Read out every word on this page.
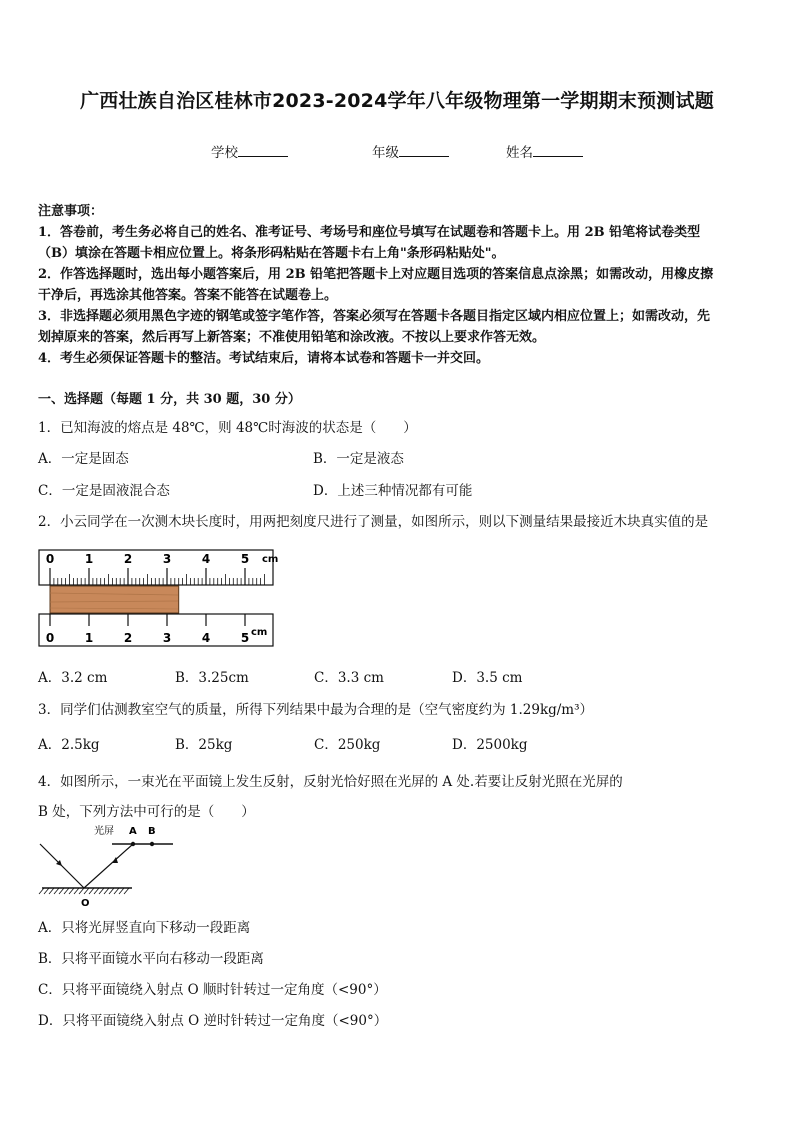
广西壮族自治区桂林市2023-2024学年八年级物理第一学期期末预测试题
学校	年级	姓名
注意事项：
1．答卷前，考生务必将自己的姓名、准考证号、考场号和座位号填写在试题卷和答题卡上。用 2B 铅笔将试卷类型
（B）填涂在答题卡相应位置上。将条形码粘贴在答题卡右上角"条形码粘贴处"。
2．作答选择题时，选出每小题答案后，用 2B 铅笔把答题卡上对应题目选项的答案信息点涂黑；如需改动，用橡皮擦
干净后，再选涂其他答案。答案不能答在试题卷上。
3．非选择题必须用黑色字迹的钢笔或签字笔作答，答案必须写在答题卡各题目指定区域内相应位置上；如需改动，先
划掉原来的答案，然后再写上新答案；不准使用铅笔和涂改液。不按以上要求作答无效。
4．考生必须保证答题卡的整洁。考试结束后，请将本试卷和答题卡一并交回。
一、选择题（每题 1 分，共 30 题，30 分）
1．已知海波的熔点是 48℃，则 48℃时海波的状态是（　　）
A．一定是固态	B．一定是液态
C．一定是固液混合态	D．上述三种情况都有可能
2．小云同学在一次测木块长度时，用两把刻度尺进行了测量，如图所示，则以下测量结果最接近木块真实值的是
0	1	2	3	4	5 cm
0	1	2	3	4	5 cm
A．3.2 cm	B．3.25cm	C．3.3 cm	D．3.5 cm
3．同学们估测教室空气的质量，所得下列结果中最为合理的是（空气密度约为 1.29kg/m³）
A．2.5kg	B．25kg	C．250kg	D．2500kg
4．如图所示，一束光在平面镜上发生反射，反射光恰好照在光屏的 A 处.若要让反射光照在光屏的
B 处，下列方法中可行的是（　　）
光屏 A B
O
A．只将光屏竖直向下移动一段距离
B．只将平面镜水平向右移动一段距离
C．只将平面镜绕入射点 O 顺时针转过一定角度（<90°）
D．只将平面镜绕入射点 O 逆时针转过一定角度（<90°）
